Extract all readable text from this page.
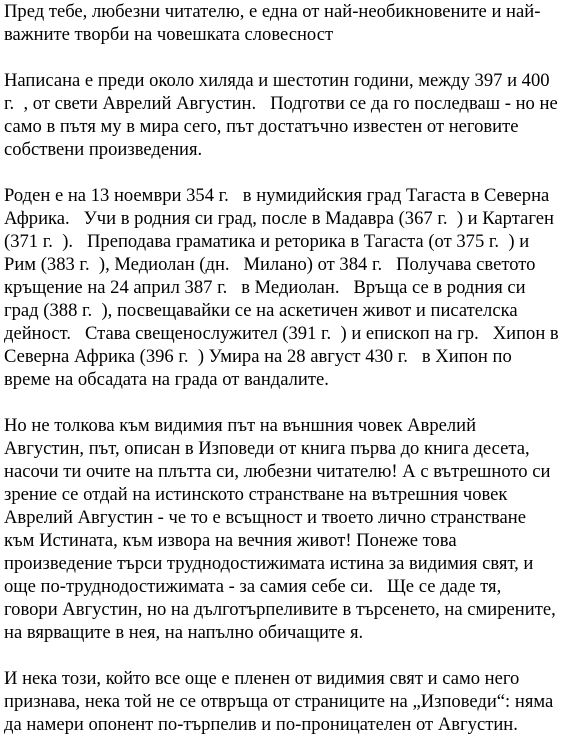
Пред тебе, любезни читателю, е една от най-необикновените и най-
важните творби на човешката словесност
Написана е преди около хиляда и шестотин години, между 397 и 400
г.  , от свети Аврелий Августин.   Подготви се да го последваш - но не
само в пътя му в мира сего, път достатъчно известен от неговите
собствени произведения.
Роден е на 13 ноември 354 г.   в нумидийския град Тагаста в Северна
Африка.   Учи в родния си град, после в Мадавра (367 г.  ) и Картаген
(371 г.  ).   Преподава граматика и реторика в Тагаста (от 375 г.  ) и
Рим (383 г.  ), Медиолан (дн.   Милано) от 384 г.   Получава светото
кръщение на 24 април 387 г.   в Медиолан.   Връща се в родния си
град (388 г.  ), посвещавайки се на аскетичен живот и писателска
дейност.   Става свещенослужител (391 г.  ) и епископ на гр.   Хипон в
Северна Африка (396 г.  ) Умира на 28 август 430 г.   в Хипон по
време на обсадата на града от вандалите.
Но не толкова към видимия път на външния човек Аврелий
Августин, път, описан в Изповеди от книга първа до книга десета,
насочи ти очите на плътта си, любезни читателю! А с вътрешното си
зрение се отдай на истинското странстване на вътрешния човек
Аврелий Августин - че то е всъщност и твоето лично странстване
към Истината, към извора на вечния живот! Понеже това
произведение търси труднодостижимата истина за видимия свят, и
още по-труднодостижимата - за самия себе си.   Ще се даде тя,
говори Августин, но на дълготърпеливите в търсенето, на смирените,
на вярващите в нея, на напълно обичащите я.
И нека този, който все още е пленен от видимия свят и само него
признава, нека той не се отвръща от страниците на „Изповеди“: няма
да намери опонент по-търпелив и по-проницателен от Августин.
